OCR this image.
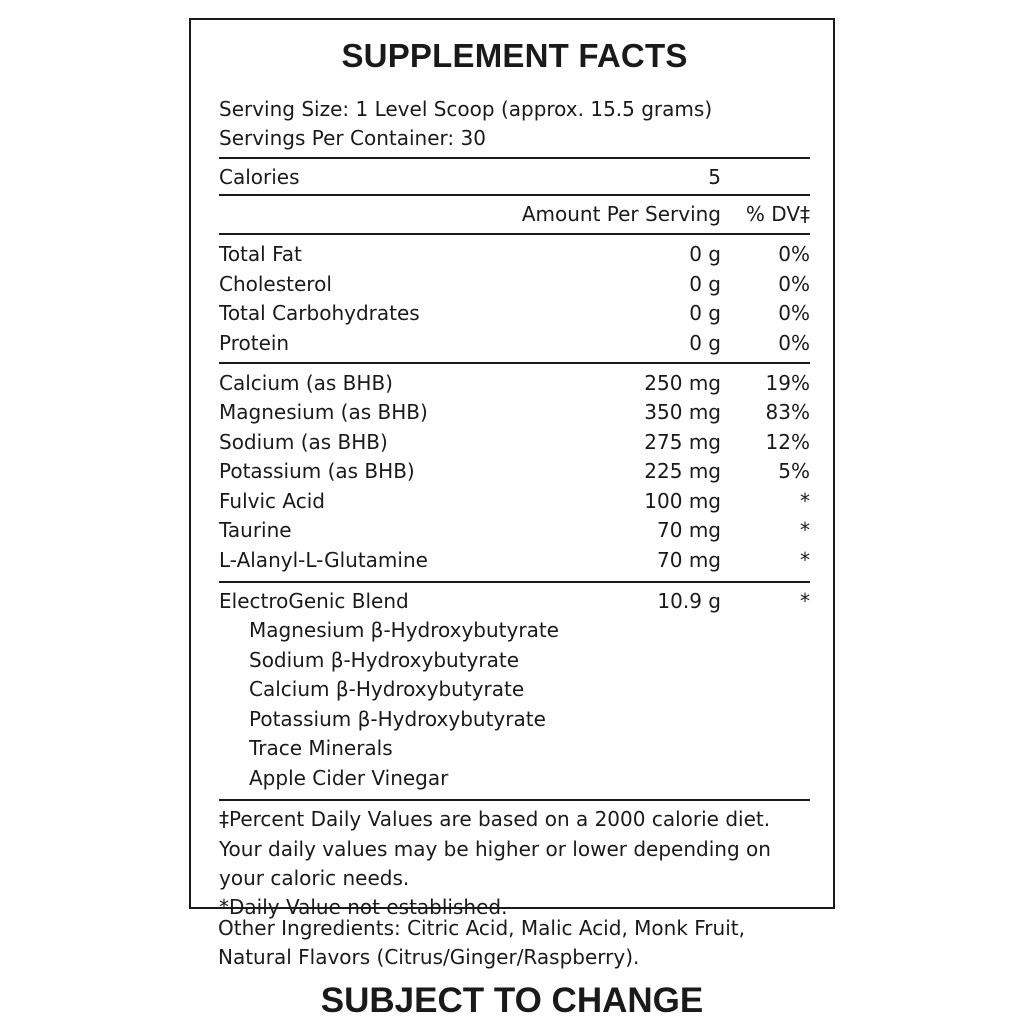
SUPPLEMENT FACTS
Serving Size: 1 Level Scoop (approx. 15.5 grams)
Servings Per Container: 30
Calories	5
Amount Per Serving % DV‡
Total Fat	0 g	0%
Cholesterol	0 g	0%
Total Carbohydrates	0 g	0%
Protein	0 g	0%
Calcium (as BHB)	250 mg 19%
Magnesium (as BHB)	350 mg 83%
Sodium (as BHB)	275 mg 12%
Potassium (as BHB)	225 mg	5%
Fulvic Acid	100 mg	*
Taurine	70 mg	*
L-Alanyl-L-Glutamine	70 mg	*
ElectroGenic Blend	10.9 g	*
Magnesium β-Hydroxybutyrate
Sodium β-Hydroxybutyrate
Calcium β-Hydroxybutyrate
Potassium β-Hydroxybutyrate
Trace Minerals
Apple Cider Vinegar
‡Percent Daily Values are based on a 2000 calorie diet.
Your daily values may be higher or lower depending on
your caloric needs.
*Daily Value not established.
Other Ingredients: Citric Acid, Malic Acid, Monk Fruit,
Natural Flavors (Citrus/Ginger/Raspberry).
SUBJECT TO CHANGE
